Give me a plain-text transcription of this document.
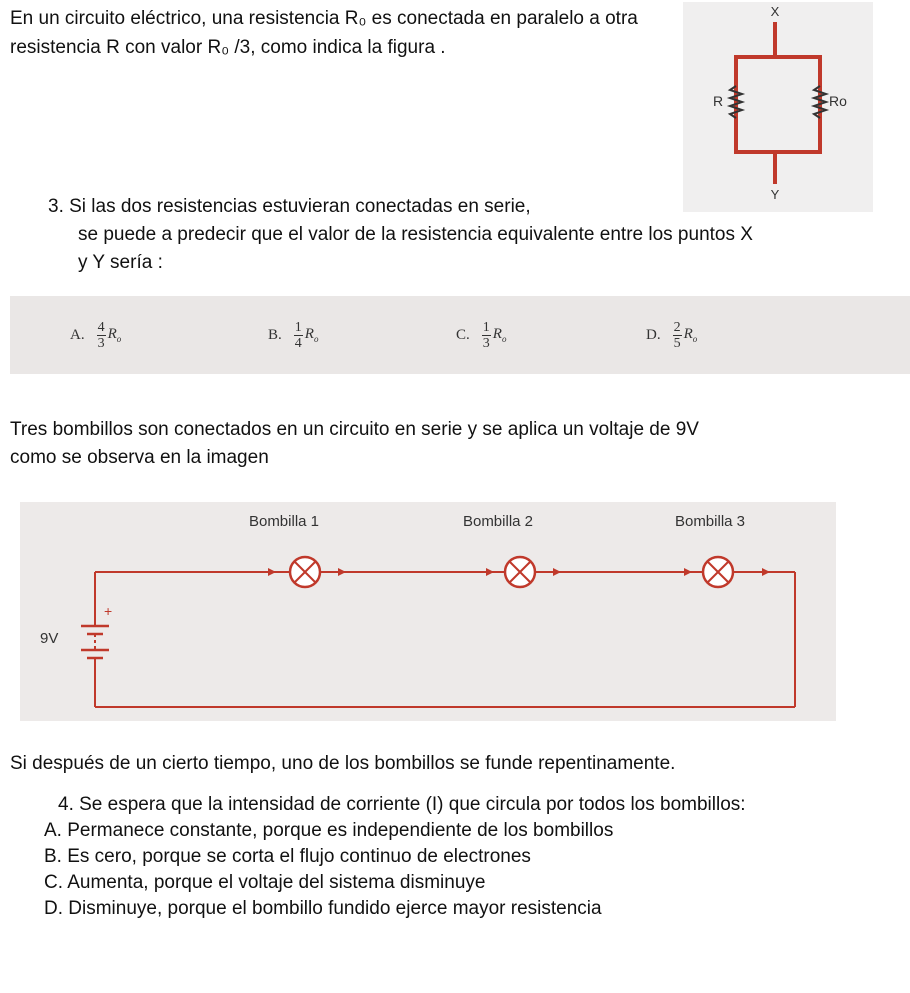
En un circuito eléctrico, una resistencia R₀ es conectada en paralelo a otra resistencia R con valor R₀ /3, como indica la figura .
X
R	Ro
Y
3. Si las dos resistencias estuvieran conectadas en serie,
se puede a predecir que el valor de la resistencia equivalente entre los puntos X
y Y sería :
A. $\frac{4}{3} R_o$	B. $\frac{1}{4} R_o$	C. $\frac{1}{3} R_o$	D. $\frac{2}{5} R_o$
Tres bombillos son conectados en un circuito en serie y se aplica un voltaje de 9V
como se observa en la imagen
Bombilla 1	Bombilla 2	Bombilla 3
+
9V
Si después de un cierto tiempo, uno de los bombillos se funde repentinamente.
4. Se espera que la intensidad de corriente (I) que circula por todos los bombillos:
A. Permanece constante, porque es independiente de los bombillos
B. Es cero, porque se corta el flujo continuo de electrones
C. Aumenta, porque el voltaje del sistema disminuye
D. Disminuye, porque el bombillo fundido ejerce mayor resistencia
